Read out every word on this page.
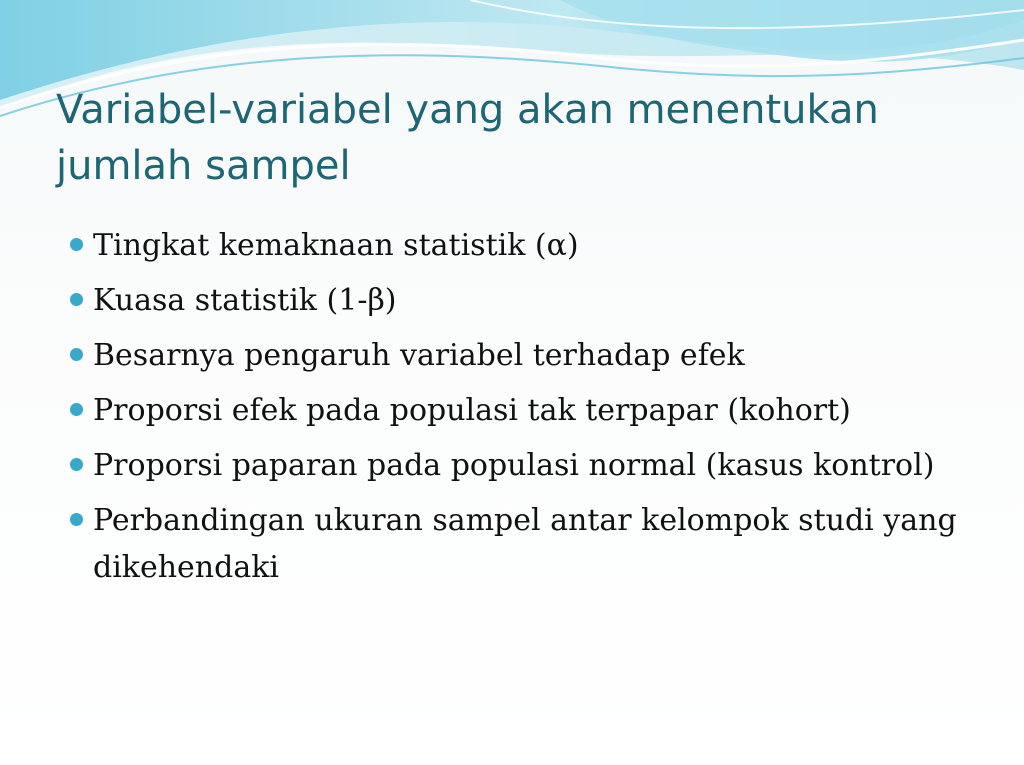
Variabel-variabel yang akan menentukan jumlah sampel
Tingkat kemaknaan statistik (α)
Kuasa statistik (1-β)
Besarnya pengaruh variabel terhadap efek
Proporsi efek pada populasi tak terpapar (kohort)
Proporsi paparan pada populasi normal (kasus kontrol)
Perbandingan ukuran sampel antar kelompok studi yang dikehendaki
